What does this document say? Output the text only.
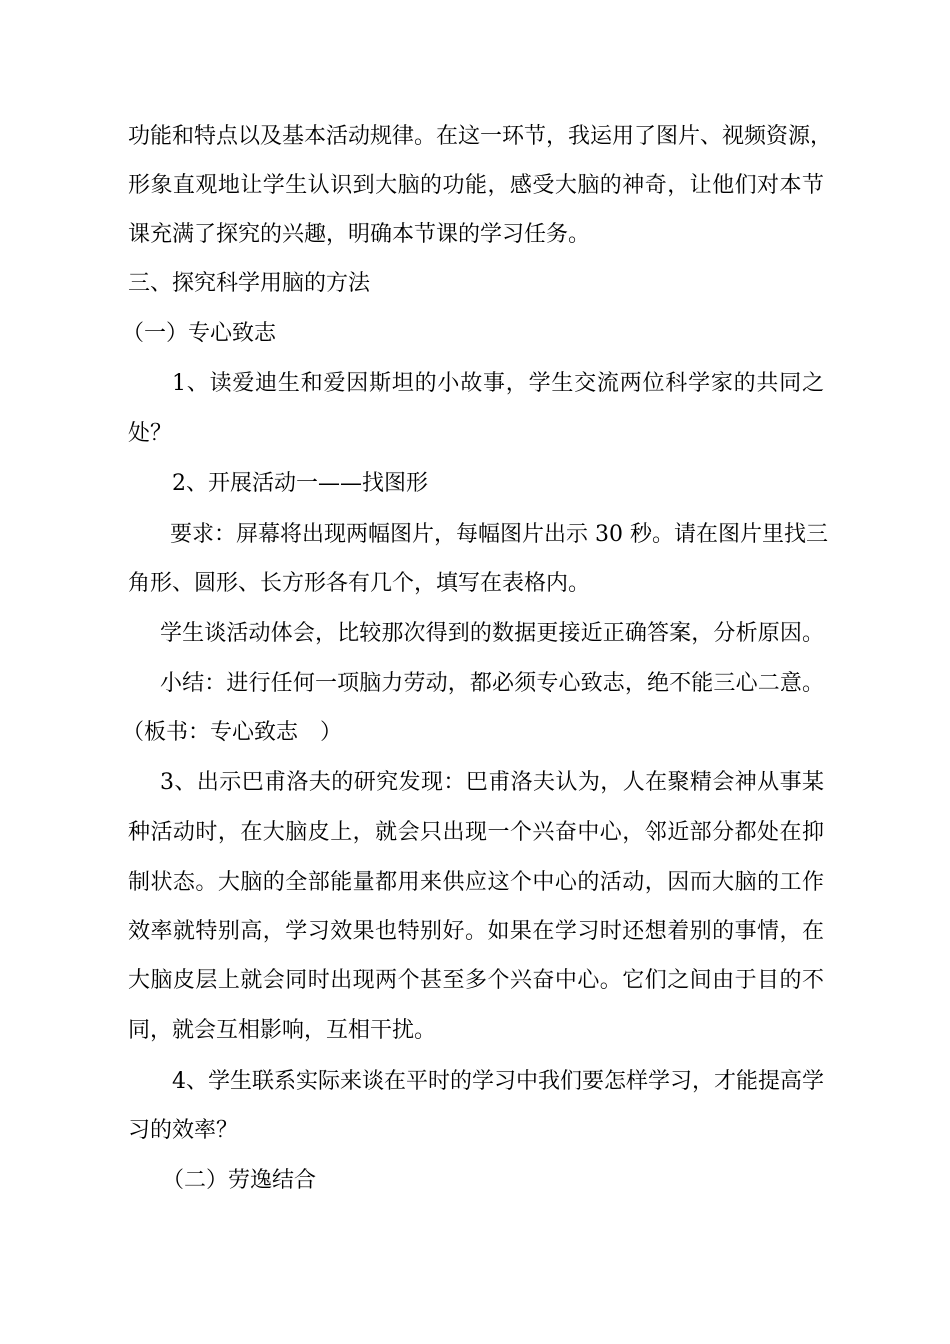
功能和特点以及基本活动规律。在这一环节，我运用了图片、视频资源，
形象直观地让学生认识到大脑的功能，感受大脑的神奇，让他们对本节
课充满了探究的兴趣，明确本节课的学习任务。
三、探究科学用脑的方法
（一）专心致志
1、读爱迪生和爱因斯坦的小故事，学生交流两位科学家的共同之
处？
2、开展活动一——找图形
要求：屏幕将出现两幅图片，每幅图片出示 30 秒。请在图片里找三
角形、圆形、长方形各有几个，填写在表格内。
学生谈活动体会，比较那次得到的数据更接近正确答案，分析原因。
小结：进行任何一项脑力劳动，都必须专心致志，绝不能三心二意。
（板书：专心致志　）
3、出示巴甫洛夫的研究发现：巴甫洛夫认为，人在聚精会神从事某
种活动时，在大脑皮上，就会只出现一个兴奋中心，邻近部分都处在抑
制状态。大脑的全部能量都用来供应这个中心的活动，因而大脑的工作
效率就特别高，学习效果也特别好。如果在学习时还想着别的事情，在
大脑皮层上就会同时出现两个甚至多个兴奋中心。它们之间由于目的不
同，就会互相影响，互相干扰。
4、学生联系实际来谈在平时的学习中我们要怎样学习，才能提高学
习的效率？
（二）劳逸结合
